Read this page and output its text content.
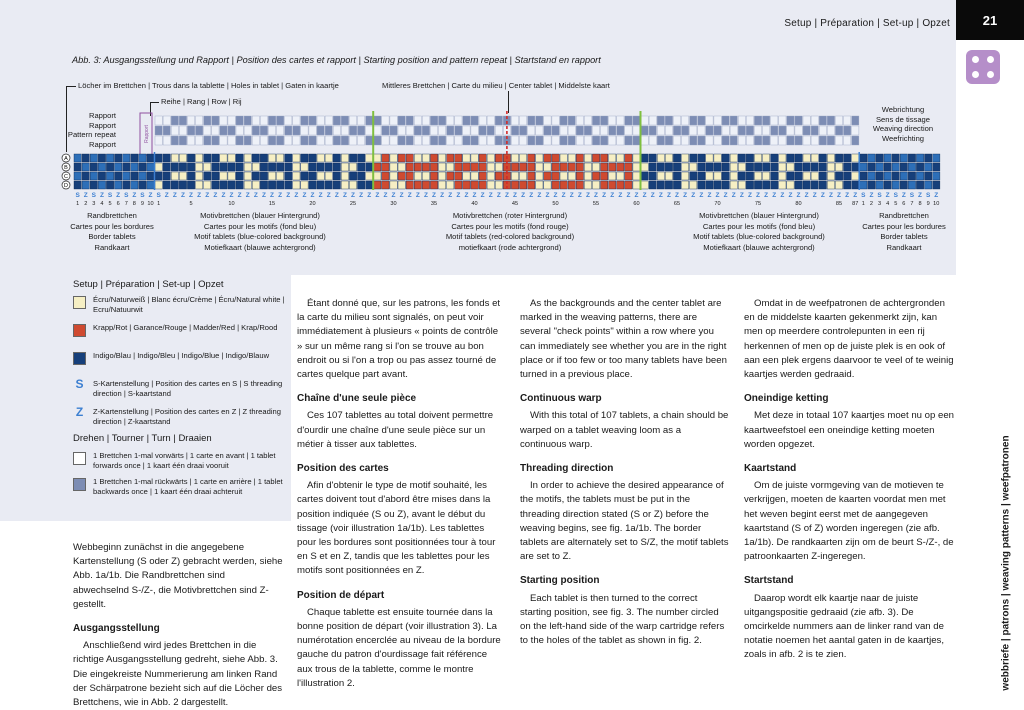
Setup | Préparation | Set-up | Opzet	21
Abb. 3: Ausgangsstellung und Rapport | Position des cartes et rapport | Starting position and pattern repeat | Startstand en rapport
Löcher im Brettchen | Trous dans la tablette | Holes in tablet | Gaten in kaartje
Reihe | Rang | Row | Rij
Mittleres Brettchen | Carte du milieu | Center tablet | Middelste kaart
Rapport
Rapport
Pattern repeat
Rapport
Webrichtung
Sens de tissage
Weaving direction
Weefrichting
Rapport
A
B
C
D
S Z S Z S Z S Z S Z S Z Z Z Z Z Z Z Z Z Z Z Z Z Z Z Z Z Z Z Z Z Z Z Z Z Z Z Z Z Z Z Z Z Z Z Z Z Z Z Z Z Z Z Z Z Z Z Z Z Z Z Z Z Z Z Z Z Z Z Z Z Z Z Z Z Z Z Z Z Z Z Z Z Z Z Z Z Z Z Z Z Z Z Z Z Z S Z S Z S Z S Z S Z
1 2 3 4 5 6 7 8 9 10 1	5	10	15	20	25	30	35	40	45	50	55	60	65	70	75	80	85 87 1 2 3 4 5 6 7 8 9 10
Randbrettchen
Cartes pour les bordures
Border tablets
Randkaart
Motivbrettchen (blauer Hintergrund)
Cartes pour les motifs (fond bleu)
Motif tablets (blue-colored background)
Motiefkaart (blauwe achtergrond)
Motivbrettchen (roter Hintergrund)
Cartes pour les motifs (fond rouge)
Motif tablets (red-colored background)
motiefkaart (rode achtergrond)
Motivbrettchen (blauer Hintergrund)
Cartes pour les motifs (fond bleu)
Motif tablets (blue-colored background)
Motiefkaart (blauwe achtergrond)
Randbrettchen
Cartes pour les bordures
Border tablets
Randkaart
Setup | Préparation | Set-up | Opzet
Écru/Naturweiß | Blanc écru/Crème | Écru/Natural white | Ecru/Natuurwit
Krapp/Rot | Garance/Rouge | Madder/Red | Krap/Rood
Indigo/Blau | Indigo/Bleu | Indigo/Blue | Indigo/Blauw
S	S-Kartenstellung | Position des cartes en S | S threading direction | S-kaartstand
Z	Z-Kartenstellung | Position des cartes en Z | Z threading direction | Z-kaartstand
Drehen | Tourner | Turn | Draaien
1 Brettchen 1-mal vorwärts | 1 carte en avant | 1 tablet forwards once | 1 kaart één draai vooruit
1 Brettchen 1-mal rückwärts | 1 carte en arrière | 1 tablet backwards once | 1 kaart één draai achteruit

Webbeginn zunächst in die angegebene Kartenstellung (S oder Z) gebracht werden, siehe Abb. 1a/1b. Die Randbrettchen sind abwechselnd S-/Z-, die Motivbrettchen sind Z-gestellt.

Ausgangsstellung

Anschließend wird jedes Brettchen in die richtige Ausgangsstellung gedreht, siehe Abb. 3. Die eingekreiste Nummerierung am linken Rand der Schärpatrone bezieht sich auf die Löcher des Brettchens, wie in Abb. 2 dargestellt.

Étant donné que, sur les patrons, les fonds et la carte du milieu sont signalés, on peut voir immédiatement à plusieurs « points de contrôle » sur un même rang si l'on se trouve au bon endroit ou si l'on a trop ou pas assez tourné de cartes quelque part avant.

Chaîne d'une seule pièce

Ces 107 tablettes au total doivent permettre d'ourdir une chaîne d'une seule pièce sur un métier à tisser aux tablettes.

Position des cartes

Afin d'obtenir le type de motif souhaité, les cartes doivent tout d'abord être mises dans la position indiquée (S ou Z), avant le début du tissage (voir illustration 1a/1b). Les tablettes pour les bordures sont positionnées tour à tour en S et en Z, tandis que les tablettes pour les motifs sont positionnées en Z.

Position de départ

Chaque tablette est ensuite tournée dans la bonne position de départ (voir illustration 3). La numérotation encerclée au niveau de la bordure gauche du patron d'ourdissage fait référence aux trous de la tablette, comme le montre l'illustration 2.

As the backgrounds and the center tablet are marked in the weaving patterns, there are several "check points" within a row where you can immediately see whether you are in the right place or if too few or too many tablets have been turned in a previous place.

Continuous warp

With this total of 107 tablets, a chain should be warped on a tablet weaving loom as a continuous warp.

Threading direction

In order to achieve the desired appearance of the motifs, the tablets must be put in the threading direction stated (S or Z) before the weaving begins, see fig. 1a/1b. The border tablets are alternately set to S/Z, the motif tablets are set to Z.

Starting position

Each tablet is then turned to the correct starting position, see fig. 3. The number circled on the left-hand side of the warp cartridge refers to the holes of the tablet as shown in fig. 2.

Omdat in de weefpatronen de achtergronden en de middelste kaarten gekenmerkt zijn, kan men op meerdere controlepunten in een rij herkennen of men op de juiste plek is en ook of aan een plek ergens daarvoor te veel of te weinig kaartjes werden gedraaid.

Oneindige ketting

Met deze in totaal 107 kaartjes moet nu op een kaartweefstoel een oneindige ketting moeten worden opgezet.

Kaartstand

Om de juiste vormgeving van de motieven te verkrijgen, moeten de kaarten voordat men met het weven begint eerst met de aangegeven kaartstand (S of Z) worden ingeregen (zie afb. 1a/1b). De randkaarten zijn om de beurt S-/Z-, de patroonkaarten Z-ingeregen.

Startstand

Daarop wordt elk kaartje naar de juiste uitgangspositie gedraaid (zie afb. 3). De omcirkelde nummers aan de linker rand van de notatie noemen het aantal gaten in de kaartjes, zoals in afb. 2 is te zien.	webbriefe | patrons | weaving patterns | weefpatronen
